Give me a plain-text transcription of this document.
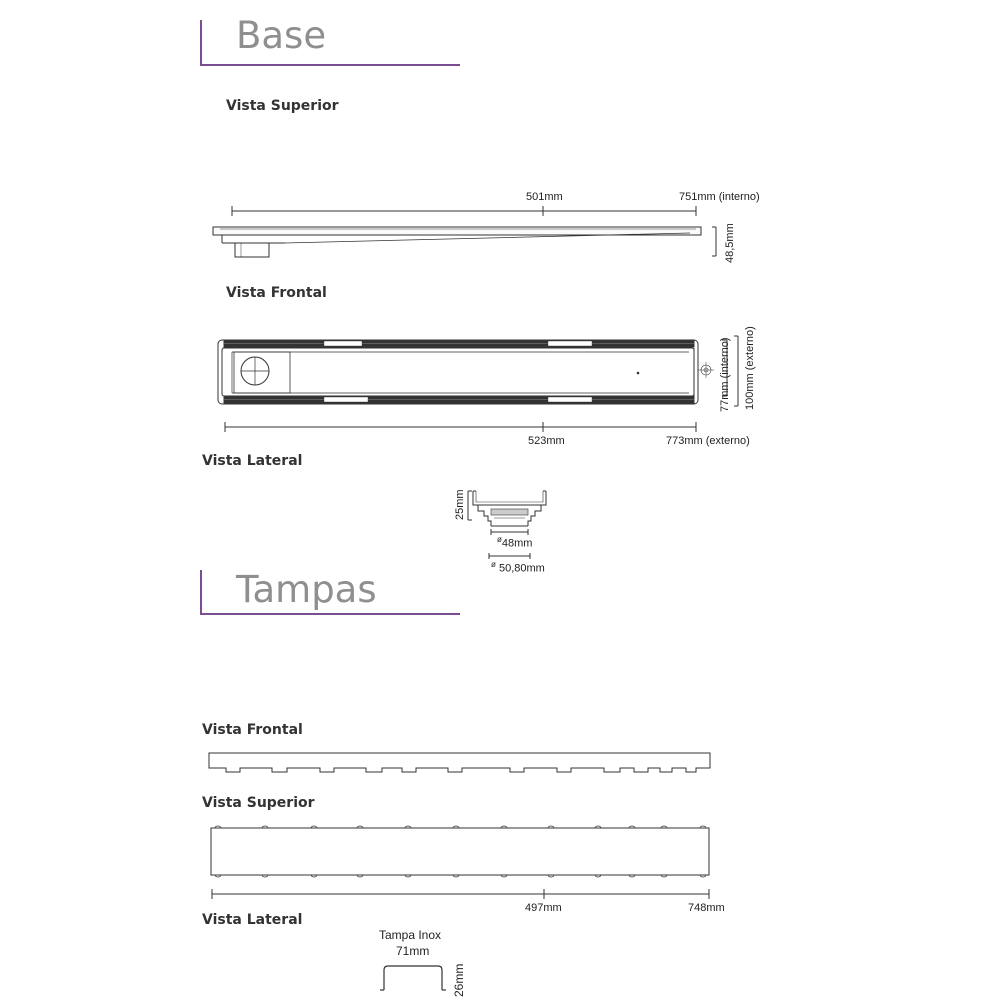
Base
Vista Superior
501mm	751mm (interno)
48,5mm
Vista Frontal
77mm (interno) 100mm (externo)
523mm	773mm (externo)
Vista Lateral
25mm
$^ø$48mm
$^ø$ 50,80mm
Tampas
Vista Frontal
Vista Superior
497mm	748mm
Vista Lateral
Tampa Inox
71mm
26mm
